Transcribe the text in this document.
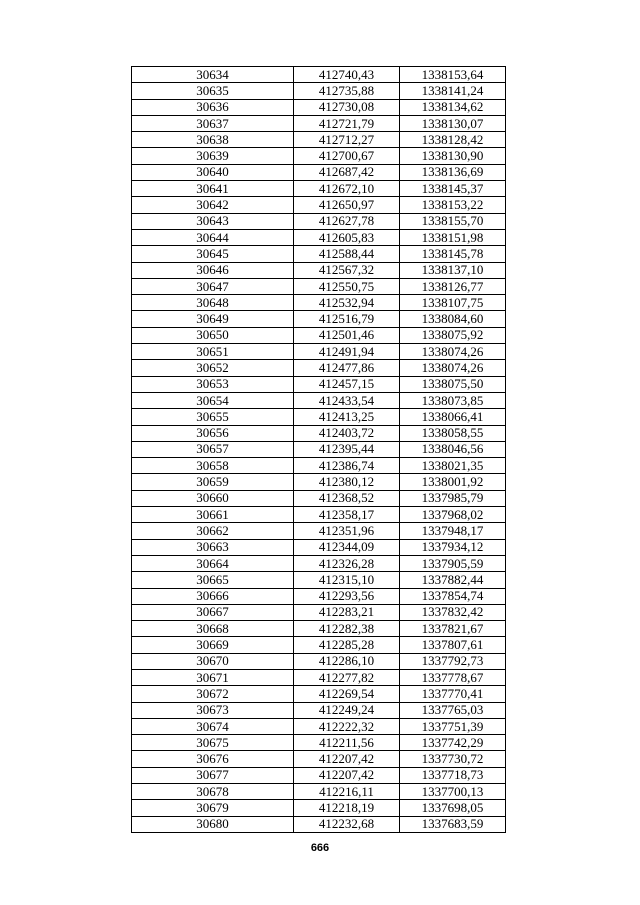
30634	412740,43	1338153,64
30635	412735,88	1338141,24
30636	412730,08	1338134,62
30637	412721,79	1338130,07
30638	412712,27	1338128,42
30639	412700,67	1338130,90
30640	412687,42	1338136,69
30641	412672,10	1338145,37
30642	412650,97	1338153,22
30643	412627,78	1338155,70
30644	412605,83	1338151,98
30645	412588,44	1338145,78
30646	412567,32	1338137,10
30647	412550,75	1338126,77
30648	412532,94	1338107,75
30649	412516,79	1338084,60
30650	412501,46	1338075,92
30651	412491,94	1338074,26
30652	412477,86	1338074,26
30653	412457,15	1338075,50
30654	412433,54	1338073,85
30655	412413,25	1338066,41
30656	412403,72	1338058,55
30657	412395,44	1338046,56
30658	412386,74	1338021,35
30659	412380,12	1338001,92
30660	412368,52	1337985,79
30661	412358,17	1337968,02
30662	412351,96	1337948,17
30663	412344,09	1337934,12
30664	412326,28	1337905,59
30665	412315,10	1337882,44
30666	412293,56	1337854,74
30667	412283,21	1337832,42
30668	412282,38	1337821,67
30669	412285,28	1337807,61
30670	412286,10	1337792,73
30671	412277,82	1337778,67
30672	412269,54	1337770,41
30673	412249,24	1337765,03
30674	412222,32	1337751,39
30675	412211,56	1337742,29
30676	412207,42	1337730,72
30677	412207,42	1337718,73
30678	412216,11	1337700,13
30679	412218,19	1337698,05
30680	412232,68	1337683,59
666
